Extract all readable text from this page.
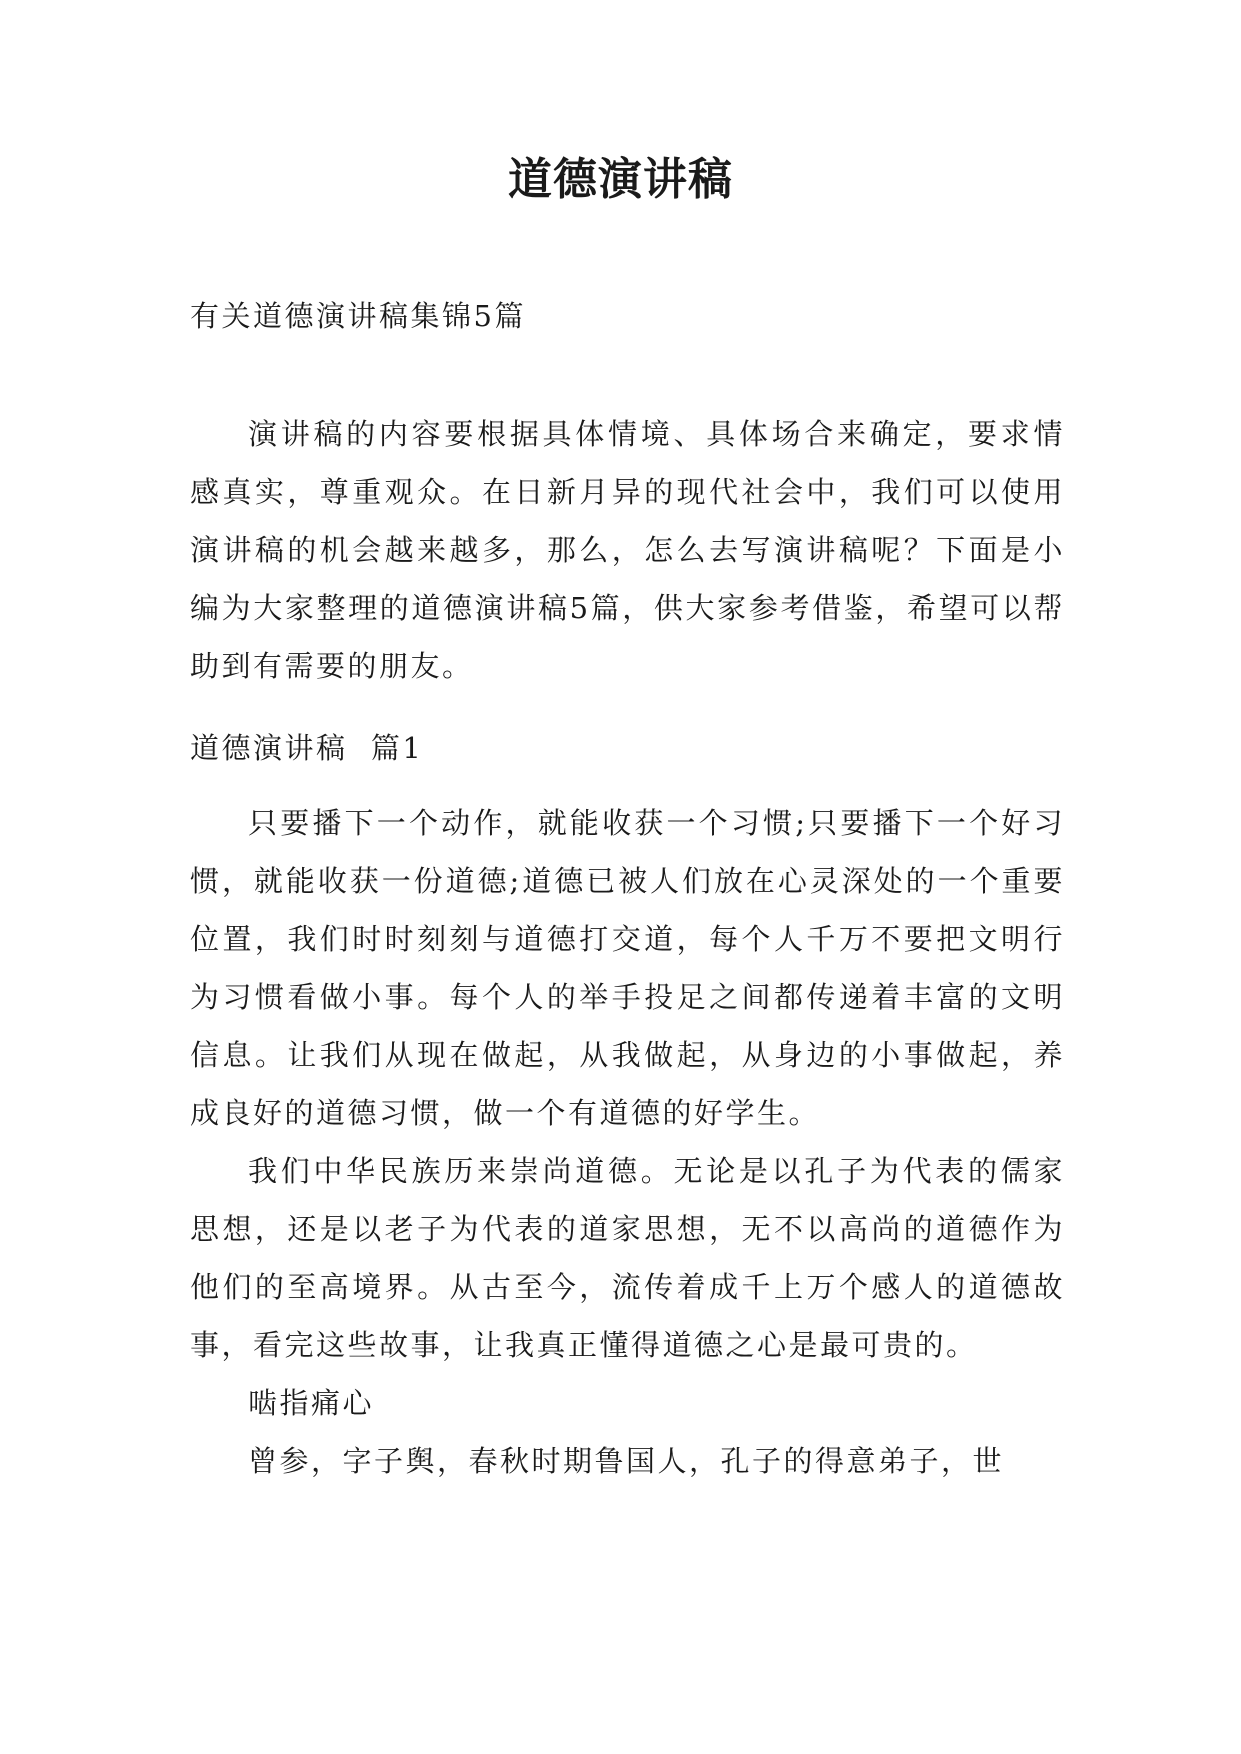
道德演讲稿

有关道德演讲稿集锦5篇

演讲稿的内容要根据具体情境、具体场合来确定，要求情感真实，尊重观众。在日新月异的现代社会中，我们可以使用演讲稿的机会越来越多，那么，怎么去写演讲稿呢？下面是小编为大家整理的道德演讲稿5篇，供大家参考借鉴，希望可以帮助到有需要的朋友。

道德演讲稿  篇1

只要播下一个动作，就能收获一个习惯;只要播下一个好习惯，就能收获一份道德;道德已被人们放在心灵深处的一个重要位置，我们时时刻刻与道德打交道，每个人千万不要把文明行为习惯看做小事。每个人的举手投足之间都传递着丰富的文明信息。让我们从现在做起，从我做起，从身边的小事做起，养成良好的道德习惯，做一个有道德的好学生。

我们中华民族历来崇尚道德。无论是以孔子为代表的儒家思想，还是以老子为代表的道家思想，无不以高尚的道德作为他们的至高境界。从古至今，流传着成千上万个感人的道德故事，看完这些故事，让我真正懂得道德之心是最可贵的。

啮指痛心

曾参，字子舆，春秋时期鲁国人，孔子的得意弟子，世
